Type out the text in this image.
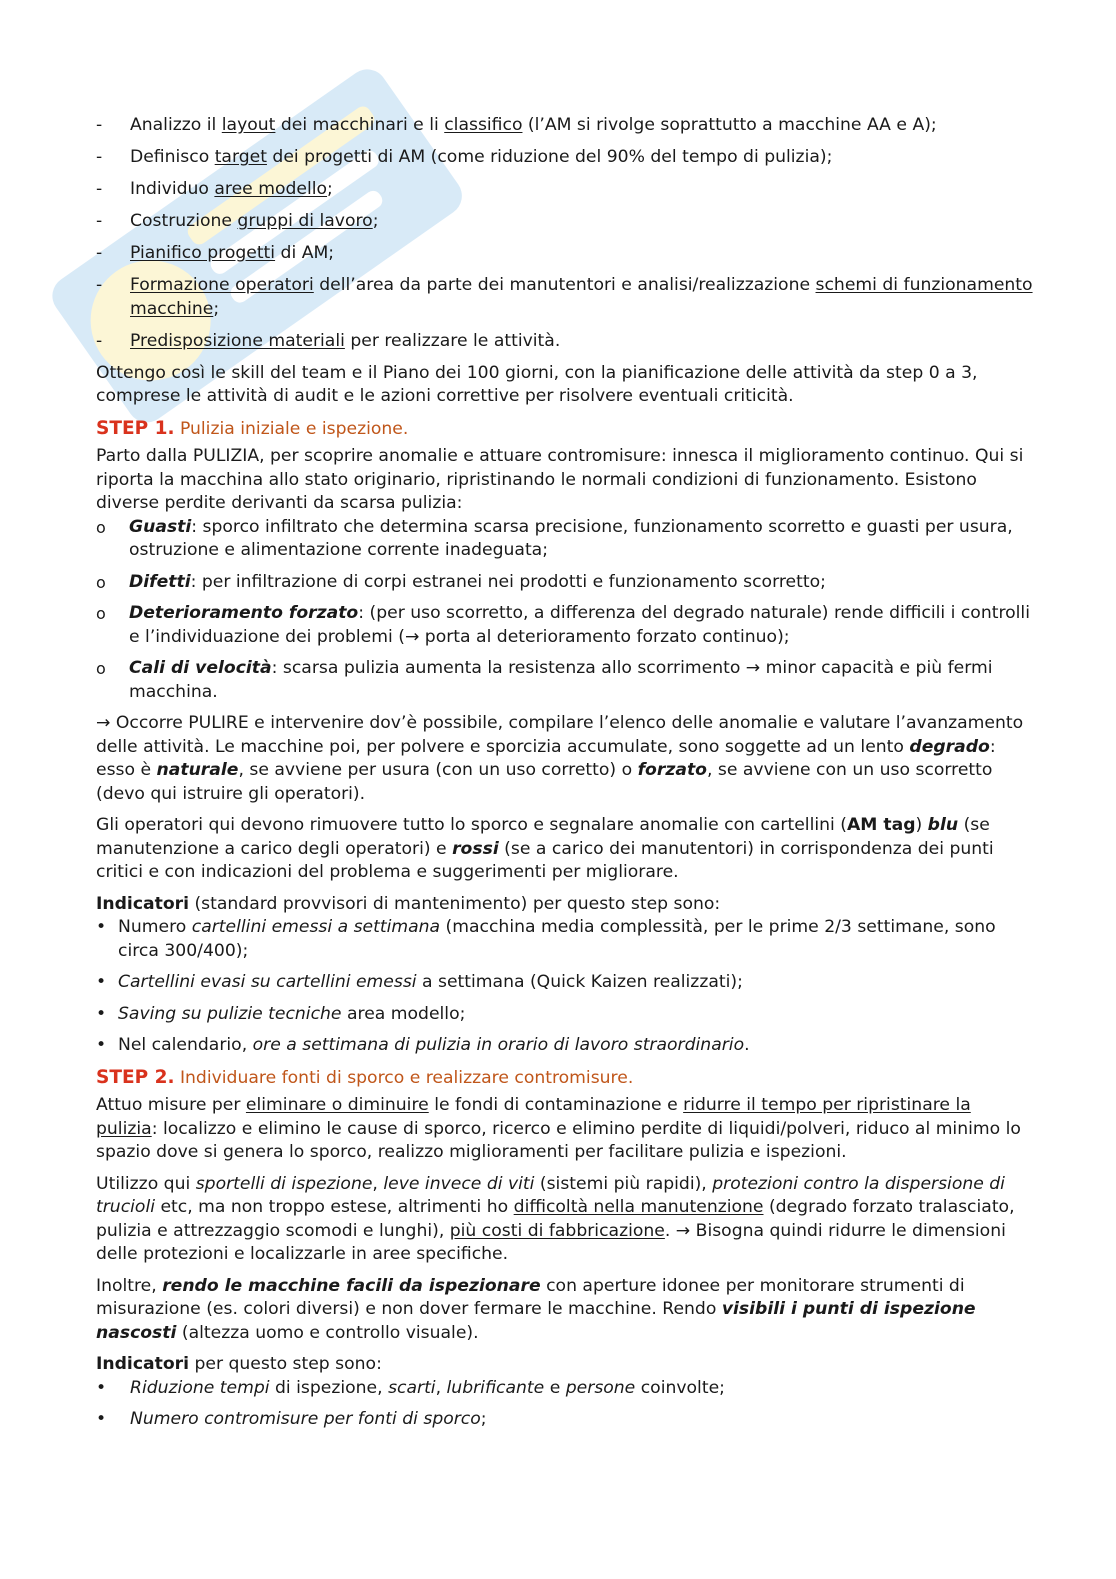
- Analizzo il layout dei macchinari e li classifico (l’AM si rivolge soprattutto a macchine AA e A);
- Definisco target dei progetti di AM (come riduzione del 90% del tempo di pulizia);
- Individuo aree modello;
- Costruzione gruppi di lavoro;
- Pianifico progetti di AM;
- Formazione operatori dell’area da parte dei manutentori e analisi/realizzazione schemi di funzionamento macchine;
- Predisposizione materiali per realizzare le attività.

Ottengo così le skill del team e il Piano dei 100 giorni, con la pianificazione delle attività da step 0 a 3, comprese le attività di audit e le azioni correttive per risolvere eventuali criticità.

STEP 1. Pulizia iniziale e ispezione.

Parto dalla PULIZIA, per scoprire anomalie e attuare contromisure: innesca il miglioramento continuo. Qui si riporta la macchina allo stato originario, ripristinando le normali condizioni di funzionamento. Esistono diverse perdite derivanti da scarsa pulizia:

o Guasti: sporco infiltrato che determina scarsa precisione, funzionamento scorretto e guasti per usura, ostruzione e alimentazione corrente inadeguata;
o Difetti: per infiltrazione di corpi estranei nei prodotti e funzionamento scorretto;
o Deterioramento forzato: (per uso scorretto, a differenza del degrado naturale) rende difficili i controlli e l’individuazione dei problemi (→ porta al deterioramento forzato continuo);
o Cali di velocità: scarsa pulizia aumenta la resistenza allo scorrimento → minor capacità e più fermi macchina.

→ Occorre PULIRE e intervenire dov’è possibile, compilare l’elenco delle anomalie e valutare l’avanzamento delle attività. Le macchine poi, per polvere e sporcizia accumulate, sono soggette ad un lento degrado: esso è naturale, se avviene per usura (con un uso corretto) o forzato, se avviene con un uso scorretto (devo qui istruire gli operatori).

Gli operatori qui devono rimuovere tutto lo sporco e segnalare anomalie con cartellini (AM tag) blu (se manutenzione a carico degli operatori) e rossi (se a carico dei manutentori) in corrispondenza dei punti critici e con indicazioni del problema e suggerimenti per migliorare.

Indicatori (standard provvisori di mantenimento) per questo step sono:

• Numero cartellini emessi a settimana (macchina media complessità, per le prime 2/3 settimane, sono circa 300/400);
• Cartellini evasi su cartellini emessi a settimana (Quick Kaizen realizzati);
• Saving su pulizie tecniche area modello;
• Nel calendario, ore a settimana di pulizia in orario di lavoro straordinario.
STEP 2. Individuare fonti di sporco e realizzare contromisure.

Attuo misure per eliminare o diminuire le fondi di contaminazione e ridurre il tempo per ripristinare la pulizia: localizzo e elimino le cause di sporco, ricerco e elimino perdite di liquidi/polveri, riduco al minimo lo spazio dove si genera lo sporco, realizzo miglioramenti per facilitare pulizia e ispezioni.

Utilizzo qui sportelli di ispezione, leve invece di viti (sistemi più rapidi), protezioni contro la dispersione di trucioli etc, ma non troppo estese, altrimenti ho difficoltà nella manutenzione (degrado forzato tralasciato, pulizia e attrezzaggio scomodi e lunghi), più costi di fabbricazione. → Bisogna quindi ridurre le dimensioni delle protezioni e localizzarle in aree specifiche.

Inoltre, rendo le macchine facili da ispezionare con aperture idonee per monitorare strumenti di misurazione (es. colori diversi) e non dover fermare le macchine. Rendo visibili i punti di ispezione nascosti (altezza uomo e controllo visuale).

Indicatori per questo step sono:

• Riduzione tempi di ispezione, scarti, lubrificante e persone coinvolte;
• Numero contromisure per fonti di sporco;
